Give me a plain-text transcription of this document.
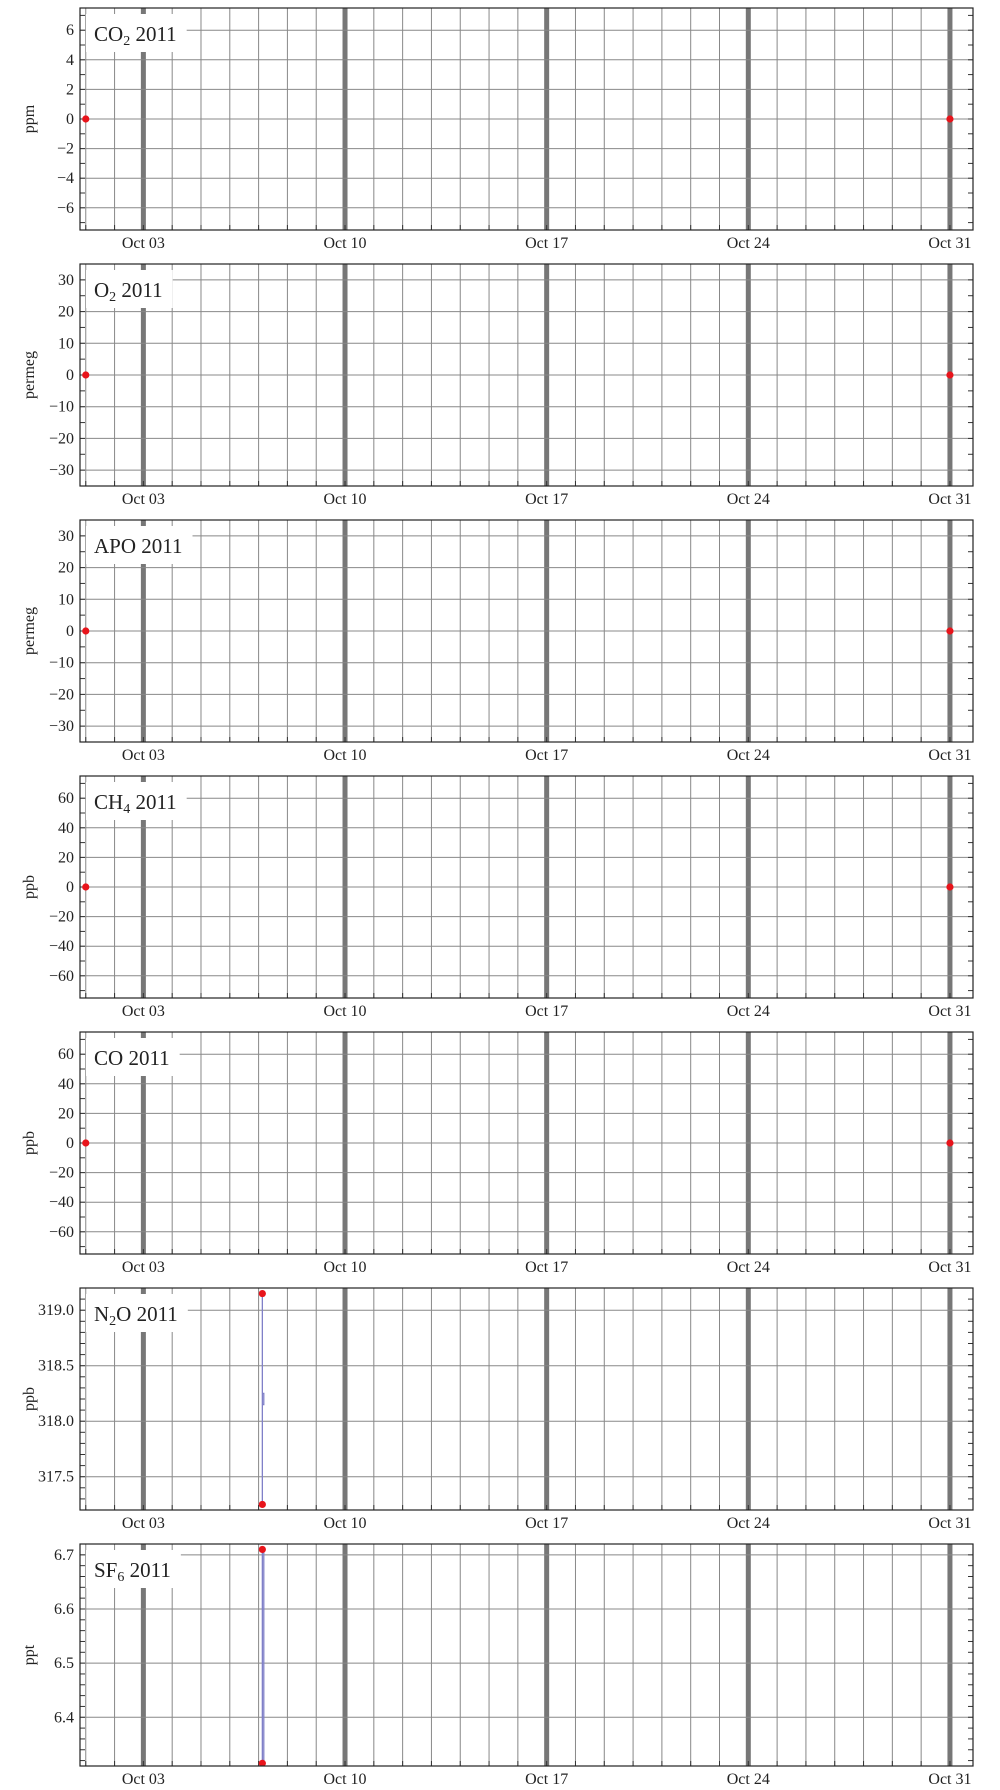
−6
−4
−2
0
2
4
6 CO2 2011
Oct 03	Oct 10	Oct 17	Oct 24	Oct 31
ppm
−30
−20
−10
0
10
20
30 O2 2011
Oct 03	Oct 10	Oct 17	Oct 24	Oct 31
permeg
−30
−20
−10
0
10
20
30 APO 2011
Oct 03	Oct 10	Oct 17	Oct 24	Oct 31
permeg
−60
−40
−20
0
20
40
60 CH4 2011
Oct 03	Oct 10	Oct 17	Oct 24	Oct 31
ppb
−60
−40
−20
0
20
40
60 CO 2011
Oct 03	Oct 10	Oct 17	Oct 24	Oct 31
ppb
317.5
318.0
318.5
319.0 N2O 2011
Oct 03	Oct 10	Oct 17	Oct 24	Oct 31
ppb
6.4
6.5
6.6
6.7
SF6 2011
Oct 03	Oct 10	Oct 17	Oct 24	Oct 31
ppt
